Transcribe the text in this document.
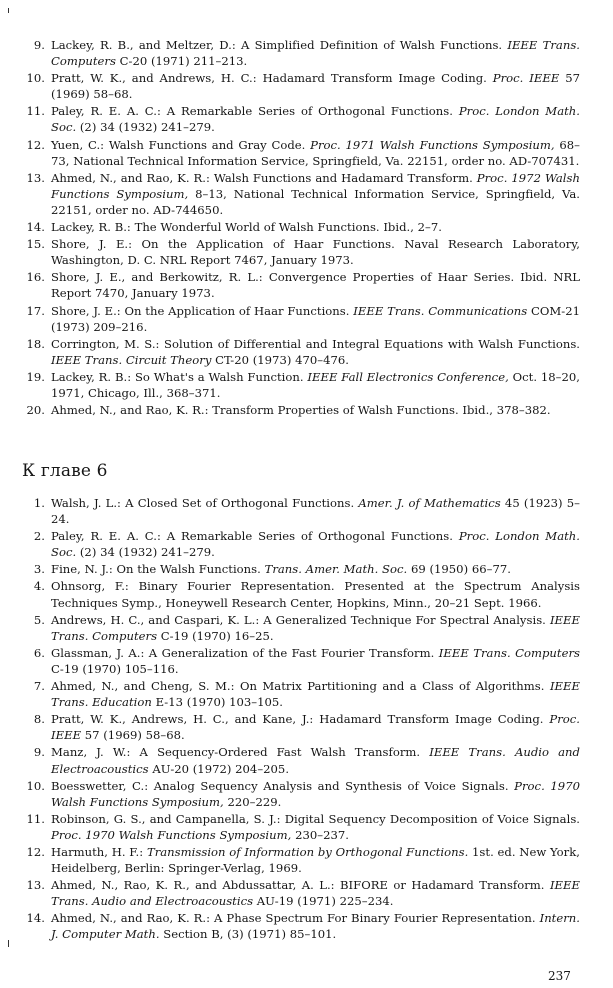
9. Lackey, R. B., and Meltzer, D.: A Simplified Definition of Walsh Functions. IEEE Trans. Computers C-20 (1971) 211–213.
10. Pratt, W. K., and Andrews, H. C.: Hadamard Transform Image Coding. Proc. IEEE 57 (1969) 58–68.
11. Paley, R. E. A. C.: A Remarkable Series of Orthogonal Functions. Proc. London Math. Soc. (2) 34 (1932) 241–279.
12. Yuen, C.: Walsh Functions and Gray Code. Proc. 1971 Walsh Functions Symposium, 68–73, National Technical Information Service, Springfield, Va. 22151, order no. AD-707431.
13. Ahmed, N., and Rao, K. R.: Walsh Functions and Hadamard Transform. Proc. 1972 Walsh Functions Symposium, 8–13, National Technical Information Service, Springfield, Va. 22151, order no. AD-744650.
14. Lackey, R. B.: The Wonderful World of Walsh Functions. Ibid., 2–7.
15. Shore, J. E.: On the Application of Haar Functions. Naval Research Laboratory, Washington, D. C. NRL Report 7467, January 1973.
16. Shore, J. E., and Berkowitz, R. L.: Convergence Properties of Haar Series. Ibid. NRL Report 7470, January 1973.
17. Shore, J. E.: On the Application of Haar Functions. IEEE Trans. Communications COM-21 (1973) 209–216.
18. Corrington, M. S.: Solution of Differential and Integral Equations with Walsh Functions. IEEE Trans. Circuit Theory CT-20 (1973) 470–476.
19. Lackey, R. B.: So What's a Walsh Function. IEEE Fall Electronics Conference, Oct. 18–20, 1971, Chicago, Ill., 368–371.
20. Ahmed, N., and Rao, K. R.: Transform Properties of Walsh Functions. Ibid., 378–382.
К главе 6
1. Walsh, J. L.: A Closed Set of Orthogonal Functions. Amer. J. of Mathematics 45 (1923) 5–24.
2. Paley, R. E. A. C.: A Remarkable Series of Orthogonal Functions. Proc. London Math. Soc. (2) 34 (1932) 241–279.
3. Fine, N. J.: On the Walsh Functions. Trans. Amer. Math. Soc. 69 (1950) 66–77.
4. Ohnsorg, F.: Binary Fourier Representation. Presented at the Spectrum Analysis Techniques Symp., Honeywell Research Center, Hopkins, Minn., 20–21 Sept. 1966.
5. Andrews, H. C., and Caspari, K. L.: A Generalized Technique For Spectral Analysis. IEEE Trans. Computers C-19 (1970) 16–25.
6. Glassman, J. A.: A Generalization of the Fast Fourier Transform. IEEE Trans. Computers C-19 (1970) 105–116.
7. Ahmed, N., and Cheng, S. M.: On Matrix Partitioning and a Class of Algorithms. IEEE Trans. Education E-13 (1970) 103–105.
8. Pratt, W. K., Andrews, H. C., and Kane, J.: Hadamard Transform Image Coding. Proc. IEEE 57 (1969) 58–68.
9. Manz, J. W.: A Sequency-Ordered Fast Walsh Transform. IEEE Trans. Audio and Electroacoustics AU-20 (1972) 204–205.
10. Boesswetter, C.: Analog Sequency Analysis and Synthesis of Voice Signals. Proc. 1970 Walsh Functions Symposium, 220–229.
11. Robinson, G. S., and Campanella, S. J.: Digital Sequency Decomposition of Voice Signals. Proc. 1970 Walsh Functions Symposium, 230–237.
12. Harmuth, H. F.: Transmission of Information by Orthogonal Functions. 1st. ed. New York, Heidelberg, Berlin: Springer-Verlag, 1969.
13. Ahmed, N., Rao, K. R., and Abdussattar, A. L.: BIFORE or Hadamard Transform. IEEE Trans. Audio and Electroacoustics AU-19 (1971) 225–234.
14. Ahmed, N., and Rao, K. R.: A Phase Spectrum For Binary Fourier Representation. Intern. J. Computer Math. Section B, (3) (1971) 85–101.
237
